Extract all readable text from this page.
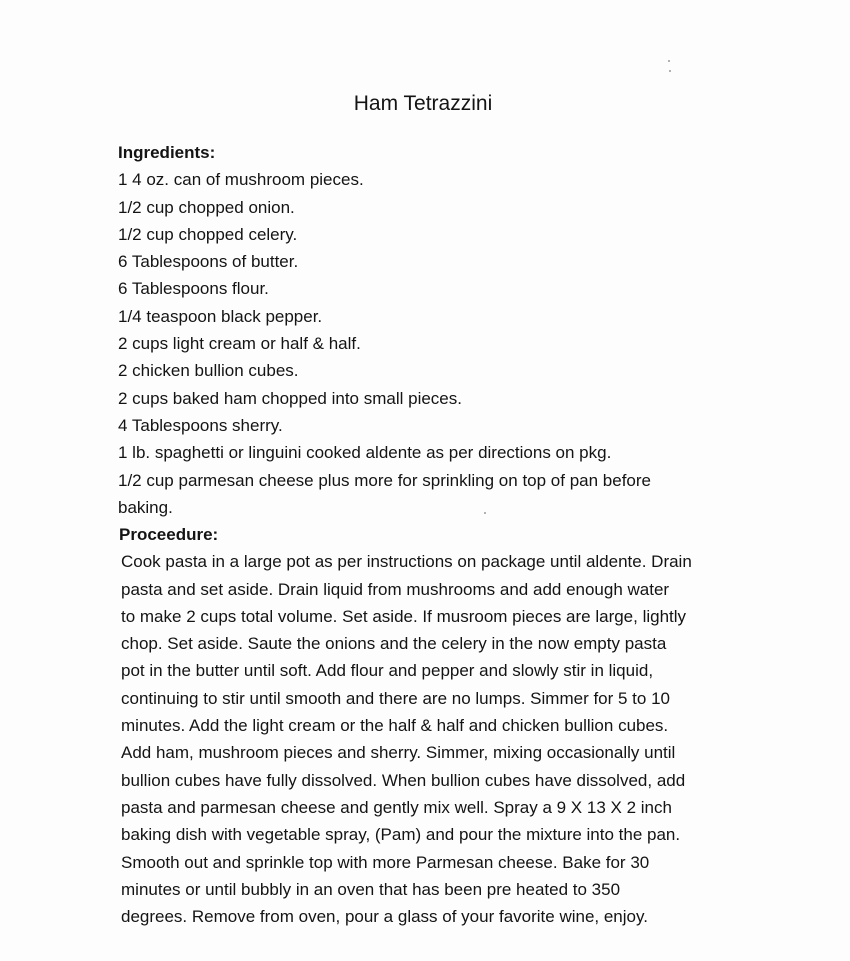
Ham Tetrazzini
Ingredients:
1 4 oz. can of mushroom pieces.
1/2 cup chopped onion.
1/2 cup chopped celery.
6 Tablespoons of butter.
6 Tablespoons flour.
1/4 teaspoon black pepper.
2 cups light cream or half & half.
2 chicken bullion cubes.
2 cups baked ham chopped into small pieces.
4 Tablespoons sherry.
1 lb. spaghetti or linguini cooked aldente as per directions on pkg.
1/2 cup parmesan cheese plus more for sprinkling on top of pan before baking.
Proceedure:
Cook pasta in a large pot as per instructions on package until aldente. Drain
pasta and set aside. Drain liquid from mushrooms and add enough water
to make 2 cups total volume. Set aside. If musroom pieces are large, lightly
chop. Set aside. Saute the onions and the celery in the now empty pasta
pot in the butter until soft. Add flour and pepper and slowly stir in liquid,
continuing to stir until smooth and there are no lumps. Simmer for 5 to 10
minutes. Add the light cream or the half & half and chicken bullion cubes.
Add ham, mushroom pieces and sherry. Simmer, mixing occasionally until
bullion cubes have fully dissolved. When bullion cubes have dissolved, add
pasta and parmesan cheese and gently mix well. Spray a 9 X 13 X 2 inch
baking dish with vegetable spray, (Pam) and pour the mixture into the pan.
Smooth out and sprinkle top with more Parmesan cheese. Bake for 30
minutes or until bubbly in an oven that has been pre heated to 350
degrees. Remove from oven, pour a glass of your favorite wine, enjoy.
